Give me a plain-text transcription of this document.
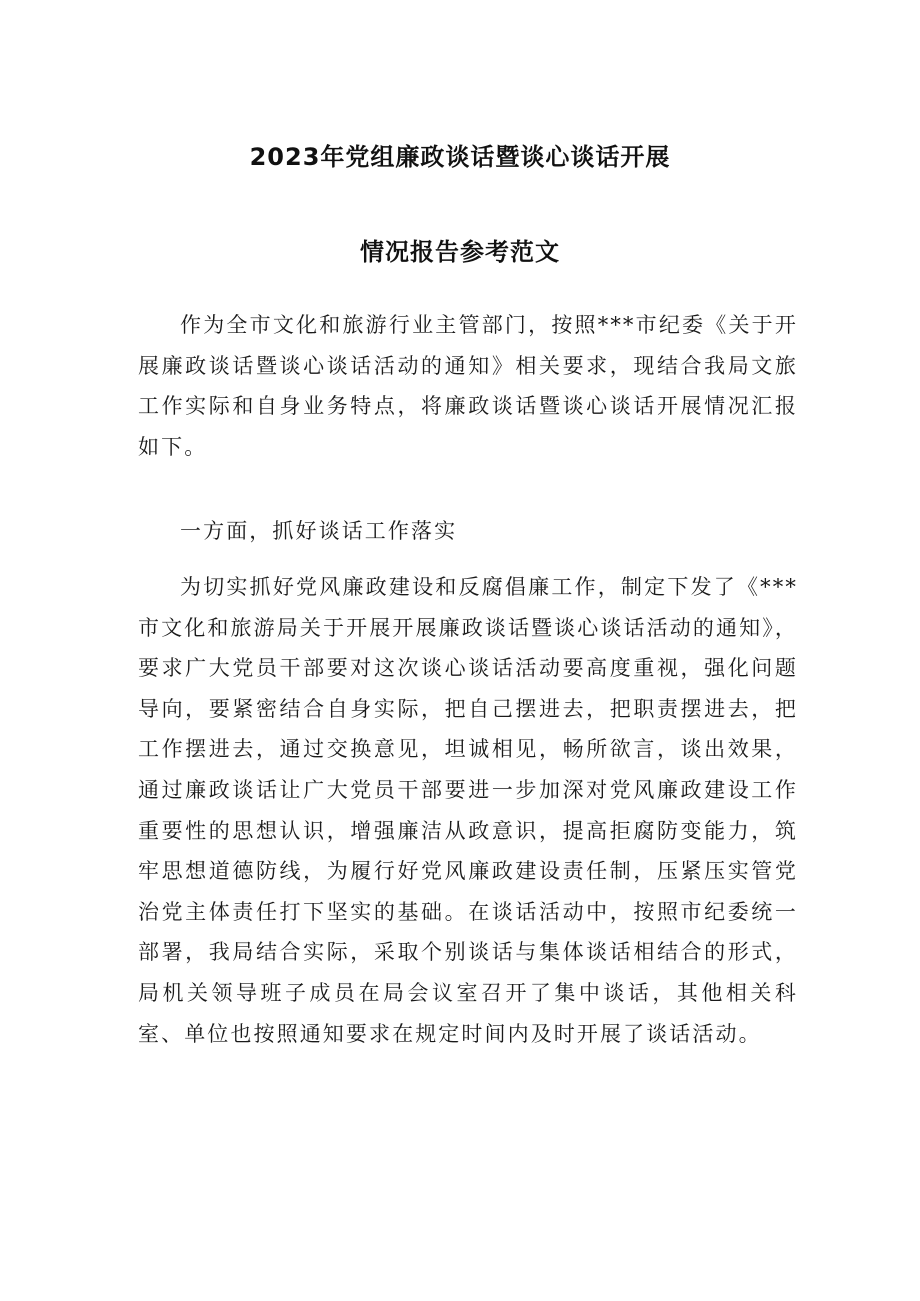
2023年党组廉政谈话暨谈心谈话开展
情况报告参考范文

作为全市文化和旅游行业主管部门，按照***市纪委《关于开展廉政谈话暨谈心谈话活动的通知》相关要求，现结合我局文旅工作实际和自身业务特点，将廉政谈话暨谈心谈话开展情况汇报如下。

一方面，抓好谈话工作落实

为切实抓好党风廉政建设和反腐倡廉工作，制定下发了《***市文化和旅游局关于开展开展廉政谈话暨谈心谈话活动的通知》，要求广大党员干部要对这次谈心谈话活动要高度重视，强化问题导向，要紧密结合自身实际，把自己摆进去，把职责摆进去，把工作摆进去，通过交换意见，坦诚相见，畅所欲言，谈出效果，通过廉政谈话让广大党员干部要进一步加深对党风廉政建设工作重要性的思想认识，增强廉洁从政意识，提高拒腐防变能力，筑牢思想道德防线，为履行好党风廉政建设责任制，压紧压实管党治党主体责任打下坚实的基础。在谈话活动中，按照市纪委统一部署，我局结合实际，采取个别谈话与集体谈话相结合的形式，局机关领导班子成员在局会议室召开了集中谈话，其他相关科室、单位也按照通知要求在规定时间内及时开展了谈话活动。
